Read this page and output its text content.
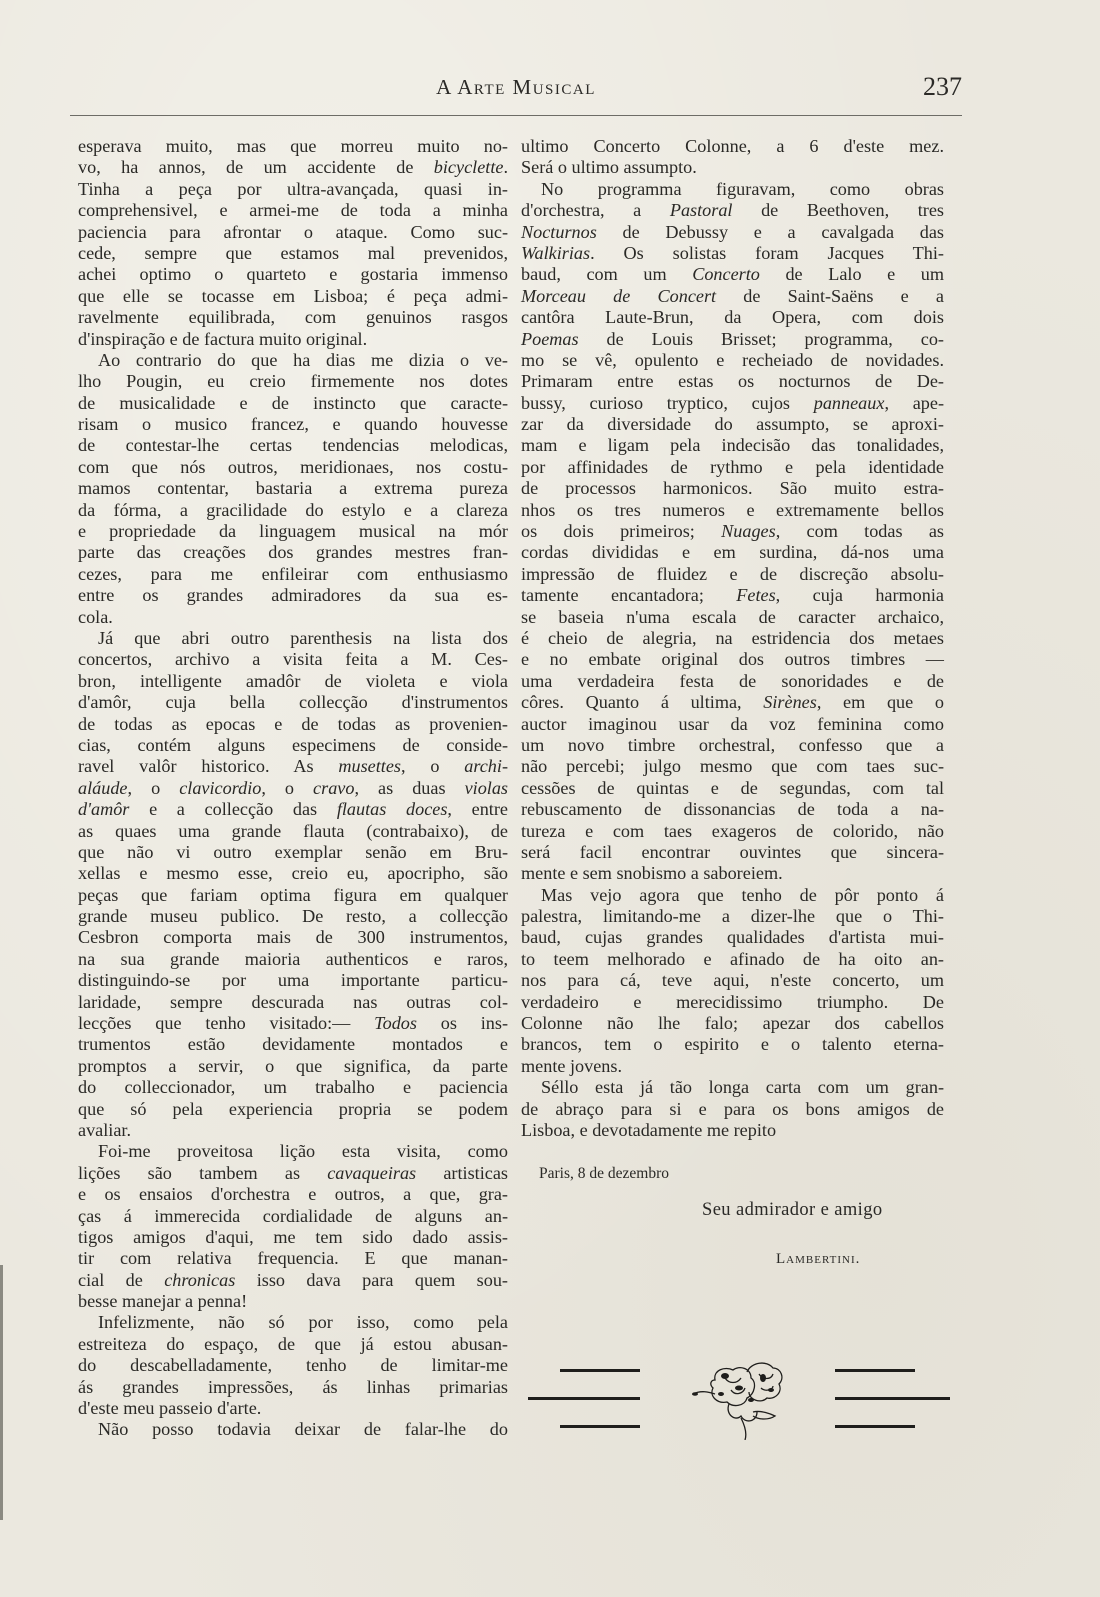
A Arte Musical	237
esperava muito, mas que morreu muito no-
vo, ha annos, de um accidente de bicyclette.
Tinha a peça por ultra-avançada, quasi in-
comprehensivel, e armei-me de toda a minha
paciencia para afrontar o ataque. Como suc-
cede, sempre que estamos mal prevenidos,
achei optimo o quarteto e gostaria immenso
que elle se tocasse em Lisboa; é peça admi-
ravelmente equilibrada, com genuinos rasgos
d'inspiração e de factura muito original.
Ao contrario do que ha dias me dizia o ve-
lho Pougin, eu creio firmemente nos dotes
de musicalidade e de instincto que caracte-
risam o musico francez, e quando houvesse
de contestar-lhe certas tendencias melodicas,
com que nós outros, meridionaes, nos costu-
mamos contentar, bastaria a extrema pureza
da fórma, a gracilidade do estylo e a clareza
e propriedade da linguagem musical na mór
parte das creações dos grandes mestres fran-
cezes, para me enfileirar com enthusiasmo
entre os grandes admiradores da sua es-
cola.
Já que abri outro parenthesis na lista dos
concertos, archivo a visita feita a M. Ces-
bron, intelligente amadôr de violeta e viola
d'amôr, cuja bella collecção d'instrumentos
de todas as epocas e de todas as provenien-
cias, contém alguns especimens de conside-
ravel valôr historico. As musettes, o archi-
aláude, o clavicordio, o cravo, as duas violas
d'amôr e a collecção das flautas doces, entre
as quaes uma grande flauta (contrabaixo), de
que não vi outro exemplar senão em Bru-
xellas e mesmo esse, creio eu, apocripho, são
peças que fariam optima figura em qualquer
grande museu publico. De resto, a collecção
Cesbron comporta mais de 300 instrumentos,
na sua grande maioria authenticos e raros,
distinguindo-se por uma importante particu-
laridade, sempre descurada nas outras col-
lecções que tenho visitado:— Todos os ins-
trumentos estão devidamente montados e
promptos a servir, o que significa, da parte
do colleccionador, um trabalho e paciencia
que só pela experiencia propria se podem
avaliar.
Foi-me proveitosa lição esta visita, como
lições são tambem as cavaqueiras artisticas
e os ensaios d'orchestra e outros, a que, gra-
ças á immerecida cordialidade de alguns an-
tigos amigos d'aqui, me tem sido dado assis-
tir com relativa frequencia. E que manan-
cial de chronicas isso dava para quem sou-
besse manejar a penna!
Infelizmente, não só por isso, como pela
estreiteza do espaço, de que já estou abusan-
do descabelladamente, tenho de limitar-me
ás grandes impressões, ás linhas primarias
d'este meu passeio d'arte.
Não posso todavia deixar de falar-lhe do
ultimo Concerto Colonne, a 6 d'este mez.
Será o ultimo assumpto.
No programma figuravam, como obras
d'orchestra, a Pastoral de Beethoven, tres
Nocturnos de Debussy e a cavalgada das
Walkirias. Os solistas foram Jacques Thi-
baud, com um Concerto de Lalo e um
Morceau de Concert de Saint-Saëns e a
cantôra Laute-Brun, da Opera, com dois
Poemas de Louis Brisset; programma, co-
mo se vê, opulento e recheiado de novidades.
Primaram entre estas os nocturnos de De-
bussy, curioso tryptico, cujos panneaux, ape-
zar da diversidade do assumpto, se aproxi-
mam e ligam pela indecisão das tonalidades,
por affinidades de rythmo e pela identidade
de processos harmonicos. São muito estra-
nhos os tres numeros e extremamente bellos
os dois primeiros; Nuages, com todas as
cordas divididas e em surdina, dá-nos uma
impressão de fluidez e de discreção absolu-
tamente encantadora; Fetes, cuja harmonia
se baseia n'uma escala de caracter archaico,
é cheio de alegria, na estridencia dos metaes
e no embate original dos outros timbres —
uma verdadeira festa de sonoridades e de
côres. Quanto á ultima, Sirènes, em que o
auctor imaginou usar da voz feminina como
um novo timbre orchestral, confesso que a
não percebi; julgo mesmo que com taes suc-
cessões de quintas e de segundas, com tal
rebuscamento de dissonancias de toda a na-
tureza e com taes exageros de colorido, não
será facil encontrar ouvintes que sincera-
mente e sem snobismo a saboreiem.
Mas vejo agora que tenho de pôr ponto á
palestra, limitando-me a dizer-lhe que o Thi-
baud, cujas grandes qualidades d'artista mui-
to teem melhorado e afinado de ha oito an-
nos para cá, teve aqui, n'este concerto, um
verdadeiro e merecidissimo triumpho. De
Colonne não lhe falo; apezar dos cabellos
brancos, tem o espirito e o talento eterna-
mente jovens.
Séllo esta já tão longa carta com um gran-
de abraço para si e para os bons amigos de
Lisboa, e devotadamente me repito
Paris, 8 de dezembro
Seu admirador e amigo
Lambertini.
